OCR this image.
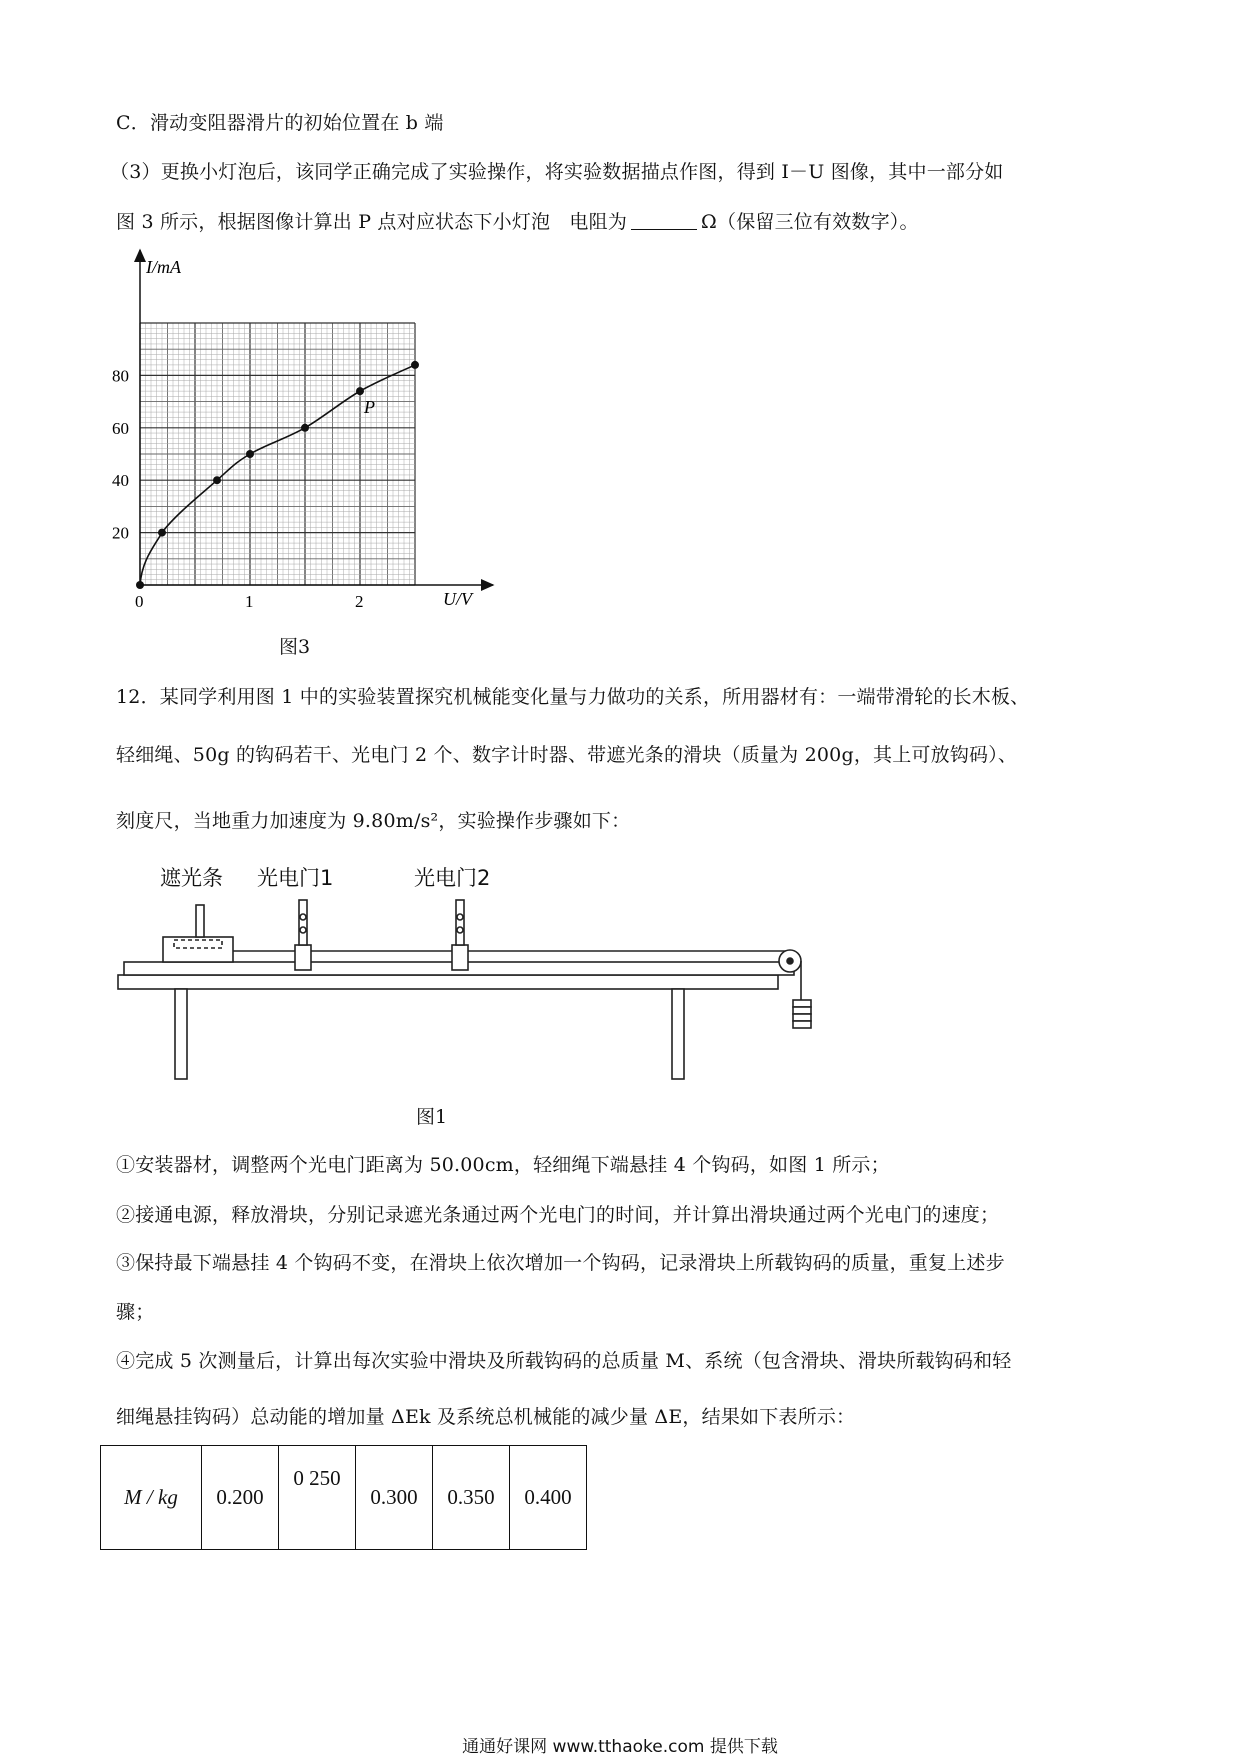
C．滑动变阻器滑片的初始位置在 b 端
（3）更换小灯泡后，该同学正确完成了实验操作，将实验数据描点作图，得到 I－U 图像，其中一部分如
图 3 所示，根据图像计算出 P 点对应状态下小灯泡　电阻为	Ω（保留三位有效数字）。
0	1	2
20
40
60
80
I/mA
U/V
P
图3
12．某同学利用图 1 中的实验装置探究机械能变化量与力做功的关系，所用器材有：一端带滑轮的长木板、
轻细绳、50g 的钩码若干、光电门 2 个、数字计时器、带遮光条的滑块（质量为 200g，其上可放钩码）、
刻度尺，当地重力加速度为 9.80m/s²，实验操作步骤如下：
遮光条 光电门1	光电门2
图1
①安装器材，调整两个光电门距离为 50.00cm，轻细绳下端悬挂 4 个钩码，如图 1 所示；
②接通电源，释放滑块，分别记录遮光条通过两个光电门的时间，并计算出滑块通过两个光电门的速度；
③保持最下端悬挂 4 个钩码不变，在滑块上依次增加一个钩码，记录滑块上所载钩码的质量，重复上述步
骤；
④完成 5 次测量后，计算出每次实验中滑块及所载钩码的总质量 M、系统（包含滑块、滑块所载钩码和轻
细绳悬挂钩码）总动能的增加量 ΔEk 及系统总机械能的减少量 ΔE，结果如下表所示：
M / kg	0.200	0 250	0.300	0.350	0.400
通通好课网 www.tthaoke.com 提供下载
